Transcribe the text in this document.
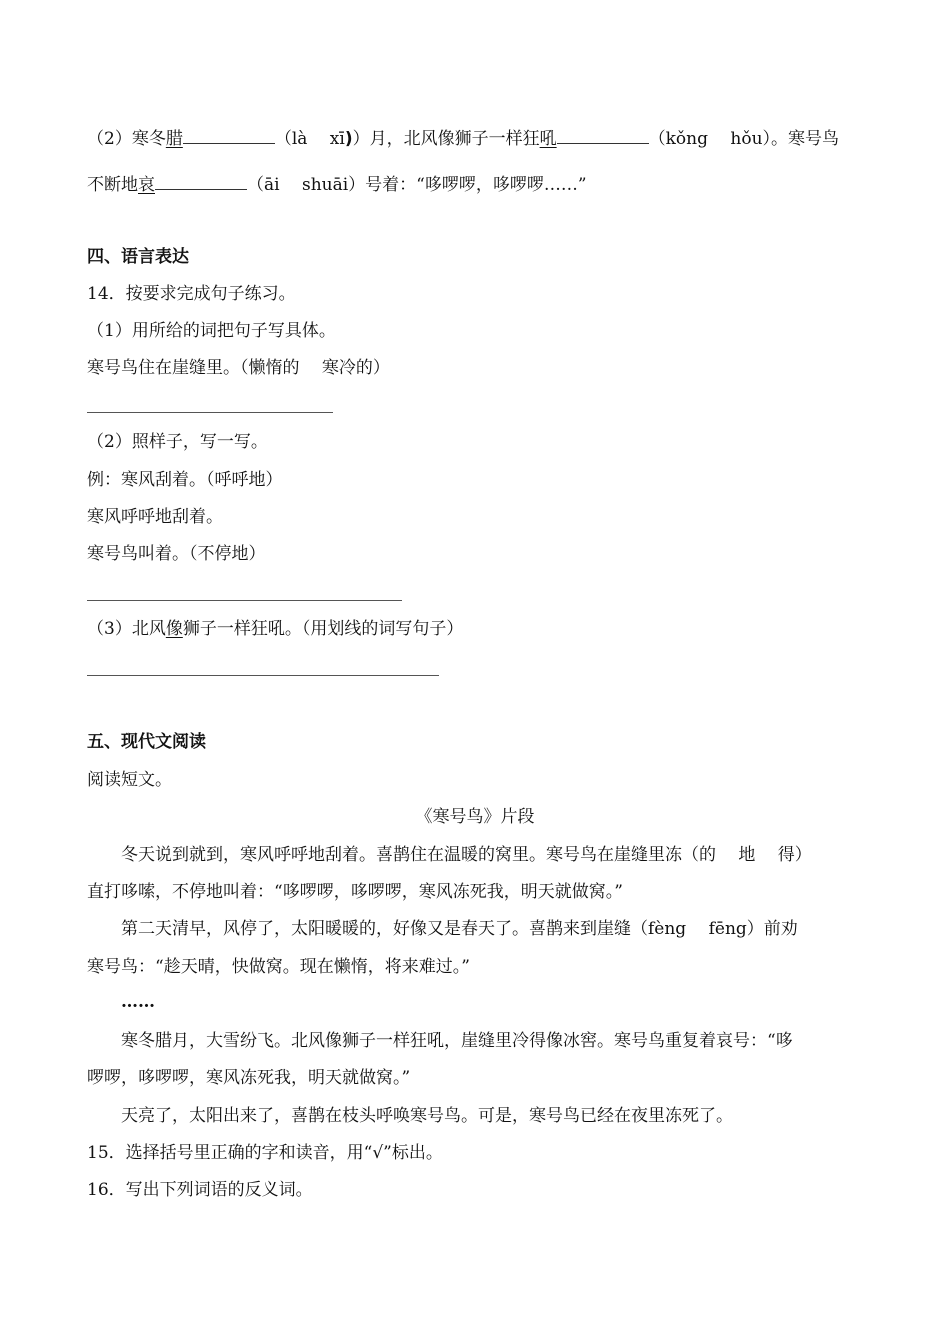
（2）寒冬腊	（là　 xī)）月，北风像狮子一样狂吼	（kǒng　 hǒu）。寒号鸟
不断地哀	（āi　 shuāi）号着：“哆啰啰，哆啰啰……”
四、语言表达
14．按要求完成句子练习。
（1）用所给的词把句子写具体。
寒号鸟住在崖缝里。（懒惰的　 寒冷的）
（2）照样子，写一写。
例：寒风刮着。（呼呼地）
寒风呼呼地刮着。
寒号鸟叫着。（不停地）
（3）北风像狮子一样狂吼。（用划线的词写句子）
五、现代文阅读
阅读短文。
《寒号鸟》片段
冬天说到就到，寒风呼呼地刮着。喜鹊住在温暖的窝里。寒号鸟在崖缝里冻（的　 地　 得）
直打哆嗦，不停地叫着：“哆啰啰，哆啰啰，寒风冻死我，明天就做窝。”
第二天清早，风停了，太阳暖暖的，好像又是春天了。喜鹊来到崖缝（fèng　 fēng）前劝
寒号鸟：“趁天晴，快做窝。现在懒惰，将来难过。”
……
寒冬腊月，大雪纷飞。北风像狮子一样狂吼，崖缝里冷得像冰窖。寒号鸟重复着哀号：“哆
啰啰，哆啰啰，寒风冻死我，明天就做窝。”
天亮了，太阳出来了，喜鹊在枝头呼唤寒号鸟。可是，寒号鸟已经在夜里冻死了。
15．选择括号里正确的字和读音，用“√”标出。
16．写出下列词语的反义词。
